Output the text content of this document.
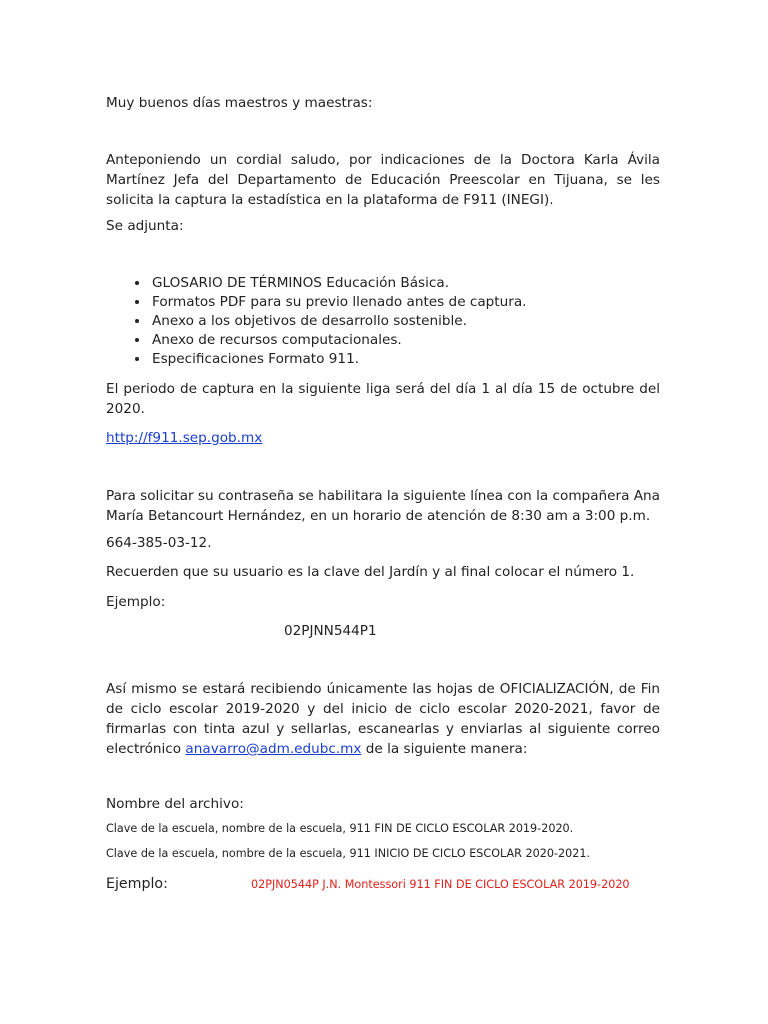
Muy buenos días maestros y maestras:

Anteponiendo un cordial saludo, por indicaciones de la Doctora Karla Ávila Martínez Jefa del Departamento de Educación Preescolar en Tijuana, se les solicita la captura la estadística en la plataforma de F911 (INEGI).

Se adjunta:

• GLOSARIO DE TÉRMINOS Educación Básica.
• Formatos PDF para su previo llenado antes de captura.
• Anexo a los objetivos de desarrollo sostenible.
• Anexo de recursos computacionales.
• Especificaciones Formato 911.

El periodo de captura en la siguiente liga será del día 1 al día 15 de octubre del 2020.

http://f911.sep.gob.mx

Para solicitar su contraseña se habilitara la siguiente línea con la compañera Ana María Betancourt Hernández, en un horario de atención de 8:30 am a 3:00 p.m.

664-385-03-12.

Recuerden que su usuario es la clave del Jardín y al final colocar el número 1.

Ejemplo:

02PJNN544P1

Así mismo se estará recibiendo únicamente las hojas de OFICIALIZACIÓN, de Fin de ciclo escolar 2019-2020 y del inicio de ciclo escolar 2020-2021, favor de firmarlas con tinta azul y sellarlas, escanearlas y enviarlas al siguiente correo electrónico anavarro@adm.edubc.mx de la siguiente manera:

Nombre del archivo:

Clave de la escuela, nombre de la escuela, 911 FIN DE CICLO ESCOLAR 2019-2020.
Clave de la escuela, nombre de la escuela, 911 INICIO DE CICLO ESCOLAR 2020-2021.
Ejemplo:	02PJN0544P J.N. Montessori 911 FIN DE CICLO ESCOLAR 2019-2020
